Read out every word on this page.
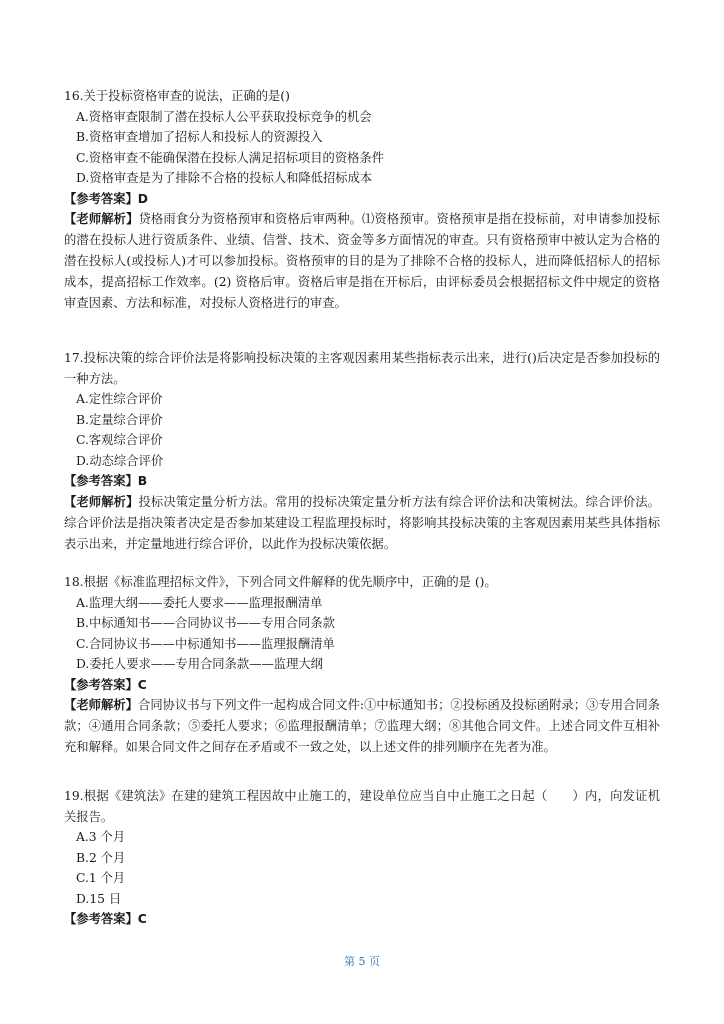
16.关于投标资格审查的说法，正确的是()

A.资格审查限制了潜在投标人公平获取投标竞争的机会

B.资格审查增加了招标人和投标人的资源投入

C.资格审查不能确保潜在投标人满足招标项目的资格条件

D.资格审查是为了排除不合格的投标人和降低招标成本

【参考答案】D

【老师解析】贷格雨食分为资格预审和资格后审两种。⑴资格预审。资格预审是指在投标前，对申请参加投标的潜在投标人进行资质条件、业绩、信誉、技术、资金等多方面情况的审查。只有资格预审中被认定为合格的潜在投标人(或投标人)才可以参加投标。资格预审的目的是为了排除不合格的投标人，进而降低招标人的招标成本，提高招标工作效率。(2) 资格后审。资格后审是指在开标后，由评标委员会根据招标文件中规定的资格审查因素、方法和标准，对投标人资格进行的审查。

17.投标决策的综合评价法是将影响投标决策的主客观因素用某些指标表示出来，进行()后决定是否参加投标的一种方法。

A.定性综合评价

B.定量综合评价

C.客观综合评价

D.动态综合评价

【参考答案】B

【老师解析】投标决策定量分析方法。常用的投标决策定量分析方法有综合评价法和决策树法。综合评价法。综合评价法是指决策者决定是否参加某建设工程监理投标时，将影响其投标决策的主客观因素用某些具体指标表示出来，并定量地进行综合评价，以此作为投标决策依据。

18.根据《标准监理招标文件》，下列合同文件解释的优先顺序中，正确的是 ()。

A.监理大纲——委托人要求——监理报酬清单

B.中标通知书——合同协议书——专用合同条款

C.合同协议书——中标通知书——监理报酬清单

D.委托人要求——专用合同条款——监理大纲

【参考答案】C

【老师解析】合同协议书与下列文件一起构成合同文件:①中标通知书；②投标函及投标函附录；③专用合同条款；④通用合同条款；⑤委托人要求；⑥监理报酬清单；⑦监理大纲；⑧其他合同文件。上述合同文件互相补充和解释。如果合同文件之间存在矛盾或不一致之处，以上述文件的排列顺序在先者为准。

19.根据《建筑法》在建的建筑工程因故中止施工的，建设单位应当自中止施工之日起（　　）内，向发证机关报告。

A.3 个月

B.2 个月

C.1 个月

D.15 日

【参考答案】C

第 5 页
